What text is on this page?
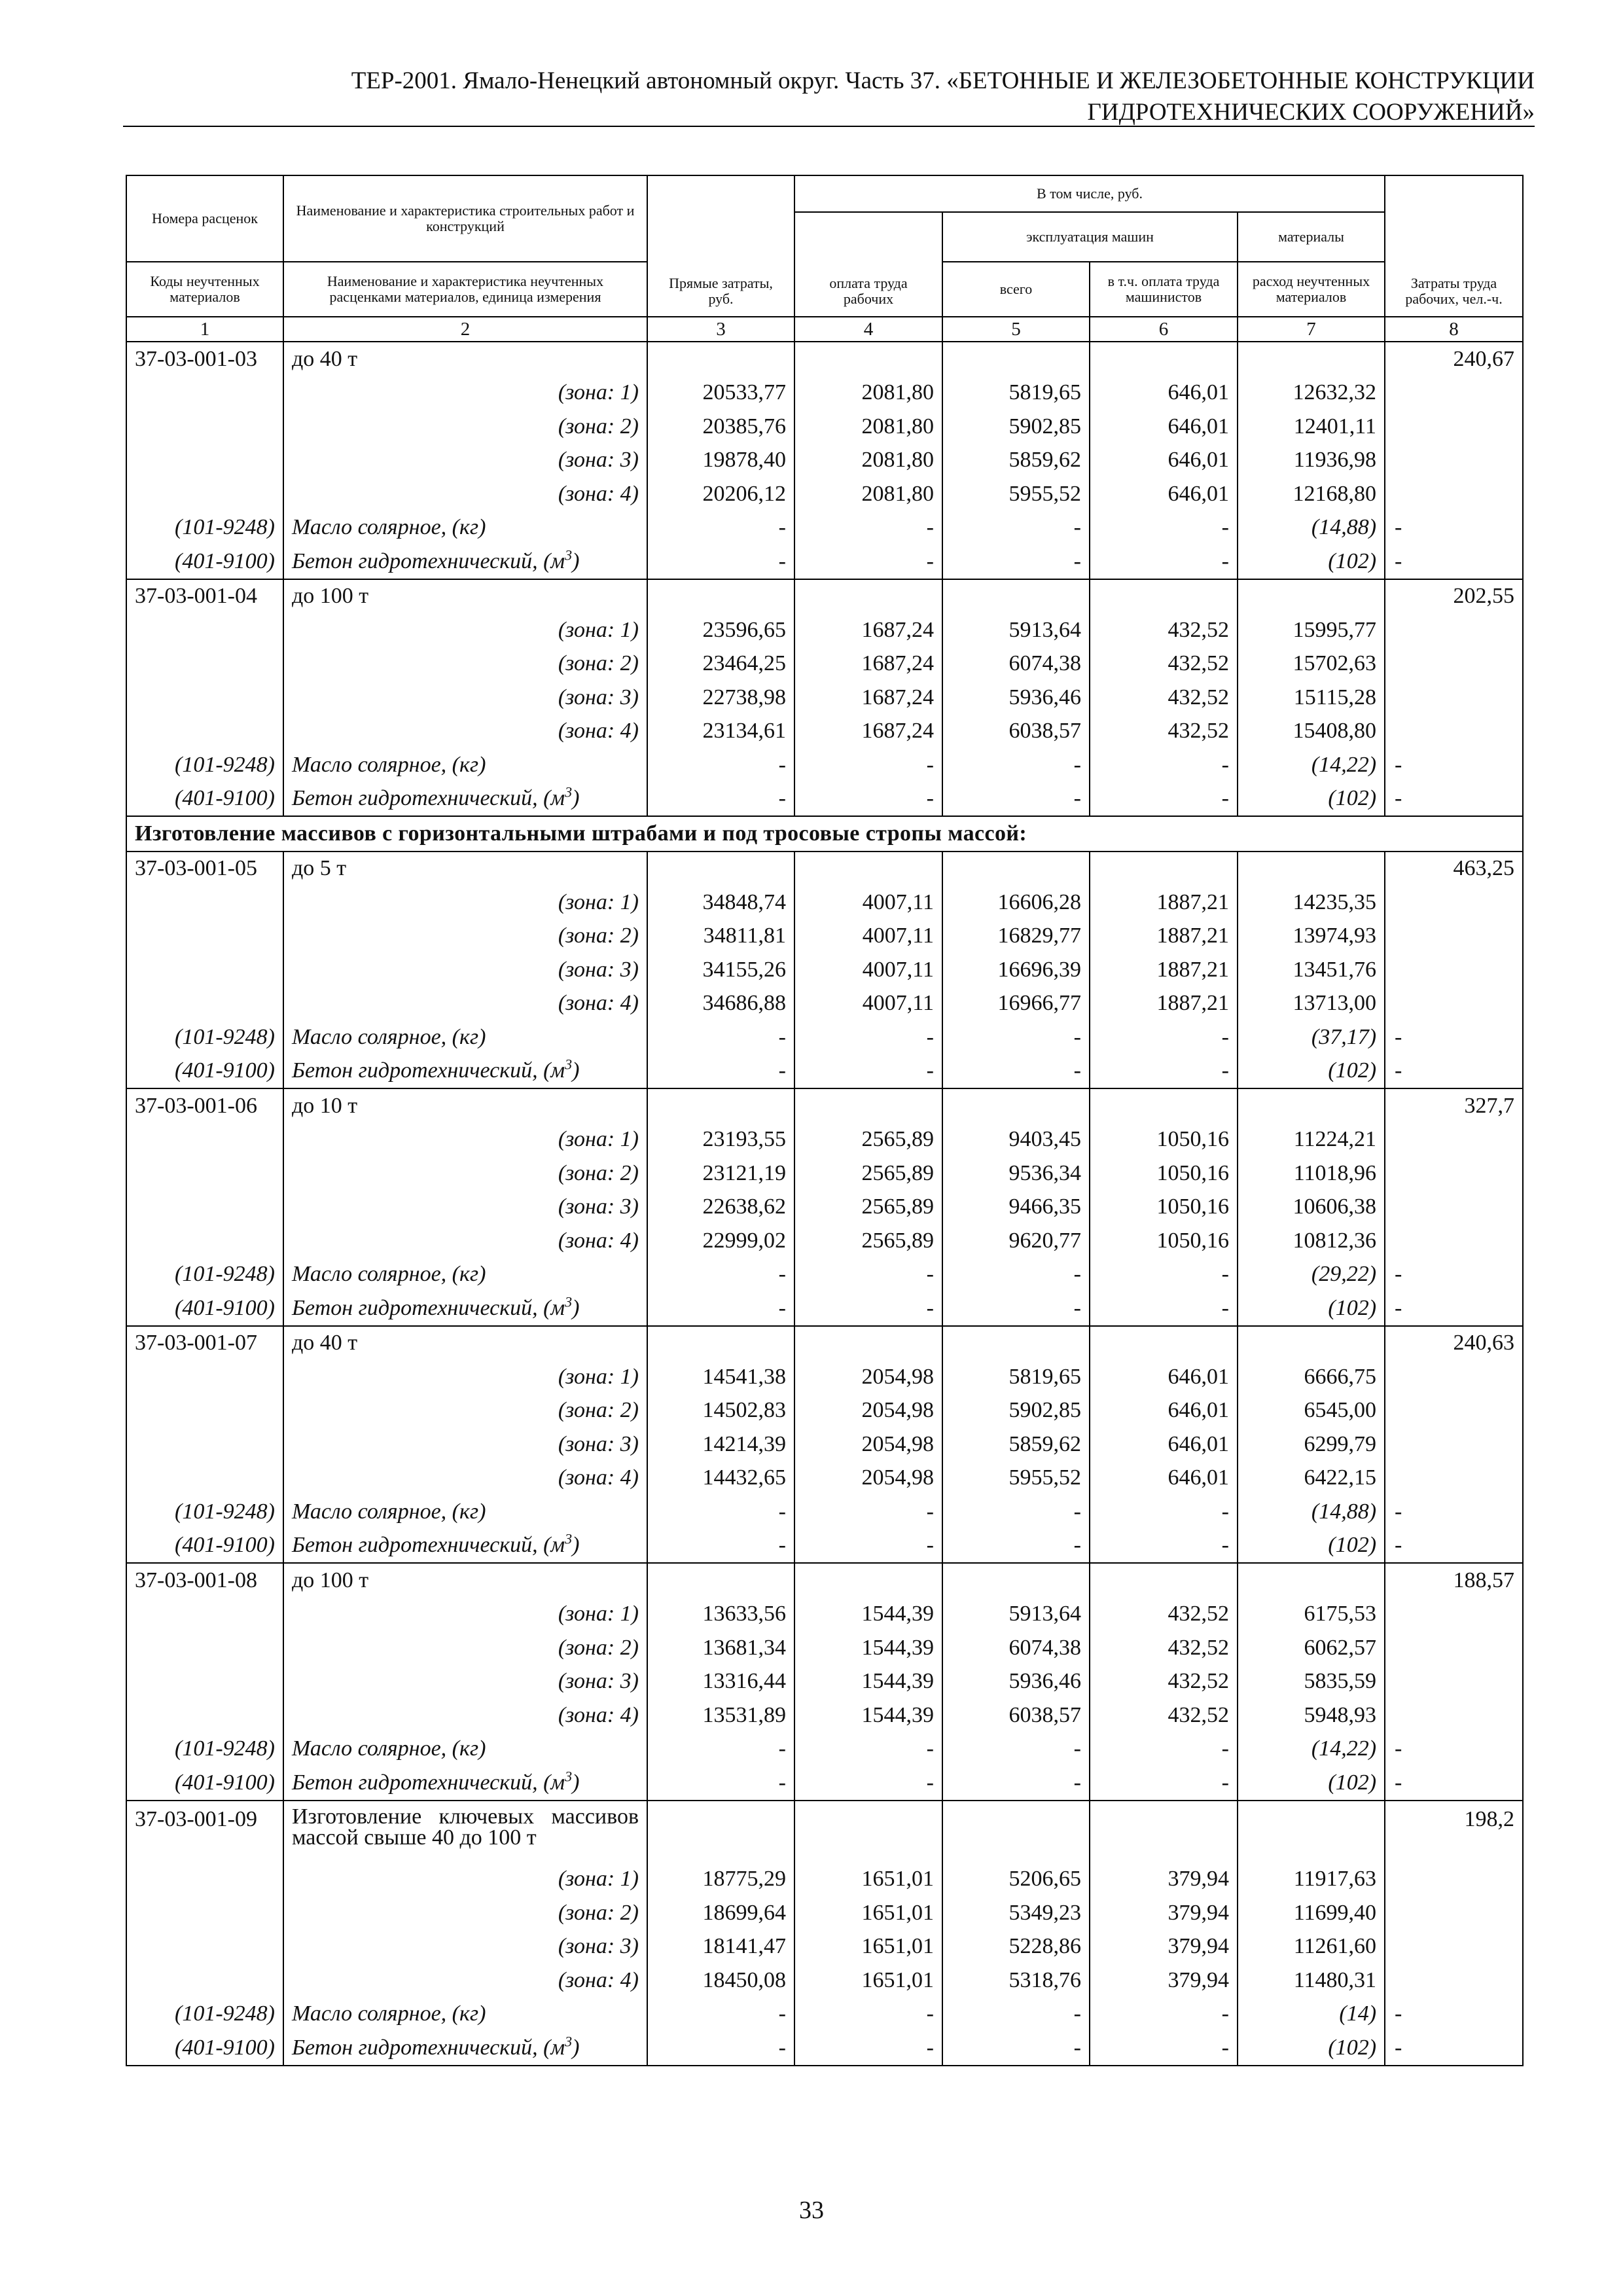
ТЕР-2001. Ямало-Ненецкий автономный округ. Часть 37. «БЕТОННЫЕ И ЖЕЛЕЗОБЕТОННЫЕ КОНСТРУКЦИИ
ГИДРОТЕХНИЧЕСКИХ СООРУЖЕНИЙ»
Номера расценок	Наименование и характеристика строительных работ и конструкций	Прямые затраты, руб.	В том числе, руб.				Затраты труда рабочих, чел.-ч.
			оплата труда рабочих	эксплуатация машин		материалы	
Коды неучтенных материалов	Наименование и характеристика неучтенных расценками материалов, единица измерения			всего	в т.ч. оплата труда машинистов	расход неучтенных материалов	
1	2	3	4	5	6	7	8
37-03-001-03	до 40 т						240,67
	(зона: 1)	20533,77	2081,80	5819,65	646,01	12632,32	
	(зона: 2)	20385,76	2081,80	5902,85	646,01	12401,11	
	(зона: 3)	19878,40	2081,80	5859,62	646,01	11936,98	
	(зона: 4)	20206,12	2081,80	5955,52	646,01	12168,80	
(101-9248)	Масло солярное, (кг)	-	-	-	-	(14,88)	-
(401-9100)	Бетон гидротехнический, $(м^3)$	-	-	-	-	(102)	-
37-03-001-04	до 100 т						202,55
	(зона: 1)	23596,65	1687,24	5913,64	432,52	15995,77	
	(зона: 2)	23464,25	1687,24	6074,38	432,52	15702,63	
	(зона: 3)	22738,98	1687,24	5936,46	432,52	15115,28	
	(зона: 4)	23134,61	1687,24	6038,57	432,52	15408,80	
(101-9248)	Масло солярное, (кг)	-	-	-	-	(14,22)	-
(401-9100)	Бетон гидротехнический, $(м^3)$	-	-	-	-	(102)	-
Изготовление массивов с горизонтальными штрабами и под тросовые стропы массой:							
37-03-001-05	до 5 т						463,25
	(зона: 1)	34848,74	4007,11	16606,28	1887,21	14235,35	
	(зона: 2)	34811,81	4007,11	16829,77	1887,21	13974,93	
	(зона: 3)	34155,26	4007,11	16696,39	1887,21	13451,76	
	(зона: 4)	34686,88	4007,11	16966,77	1887,21	13713,00	
(101-9248)	Масло солярное, (кг)	-	-	-	-	(37,17)	-
(401-9100)	Бетон гидротехнический, $(м^3)$	-	-	-	-	(102)	-
37-03-001-06	до 10 т						327,7
	(зона: 1)	23193,55	2565,89	9403,45	1050,16	11224,21	
	(зона: 2)	23121,19	2565,89	9536,34	1050,16	11018,96	
	(зона: 3)	22638,62	2565,89	9466,35	1050,16	10606,38	
	(зона: 4)	22999,02	2565,89	9620,77	1050,16	10812,36	
(101-9248)	Масло солярное, (кг)	-	-	-	-	(29,22)	-
(401-9100)	Бетон гидротехнический, $(м^3)$	-	-	-	-	(102)	-
37-03-001-07	до 40 т						240,63
	(зона: 1)	14541,38	2054,98	5819,65	646,01	6666,75	
	(зона: 2)	14502,83	2054,98	5902,85	646,01	6545,00	
	(зона: 3)	14214,39	2054,98	5859,62	646,01	6299,79	
	(зона: 4)	14432,65	2054,98	5955,52	646,01	6422,15	
(101-9248)	Масло солярное, (кг)	-	-	-	-	(14,88)	-
(401-9100)	Бетон гидротехнический, $(м^3)$	-	-	-	-	(102)	-
37-03-001-08	до 100 т						188,57
	(зона: 1)	13633,56	1544,39	5913,64	432,52	6175,53	
	(зона: 2)	13681,34	1544,39	6074,38	432,52	6062,57	
	(зона: 3)	13316,44	1544,39	5936,46	432,52	5835,59	
	(зона: 4)	13531,89	1544,39	6038,57	432,52	5948,93	
(101-9248)	Масло солярное, (кг)	-	-	-	-	(14,22)	-
(401-9100)	Бетон гидротехнический, $(м^3)$	-	-	-	-	(102)	-
37-03-001-09	Изготовление ключевых массивов массой свыше 40 до 100 т						198,2
	(зона: 1)	18775,29	1651,01	5206,65	379,94	11917,63	
	(зона: 2)	18699,64	1651,01	5349,23	379,94	11699,40	
	(зона: 3)	18141,47	1651,01	5228,86	379,94	11261,60	
	(зона: 4)	18450,08	1651,01	5318,76	379,94	11480,31	
(101-9248)	Масло солярное, (кг)	-	-	-	-	(14)	-
(401-9100)	Бетон гидротехнический, $(м^3)$	-	-	-	-	(102)	-
33
